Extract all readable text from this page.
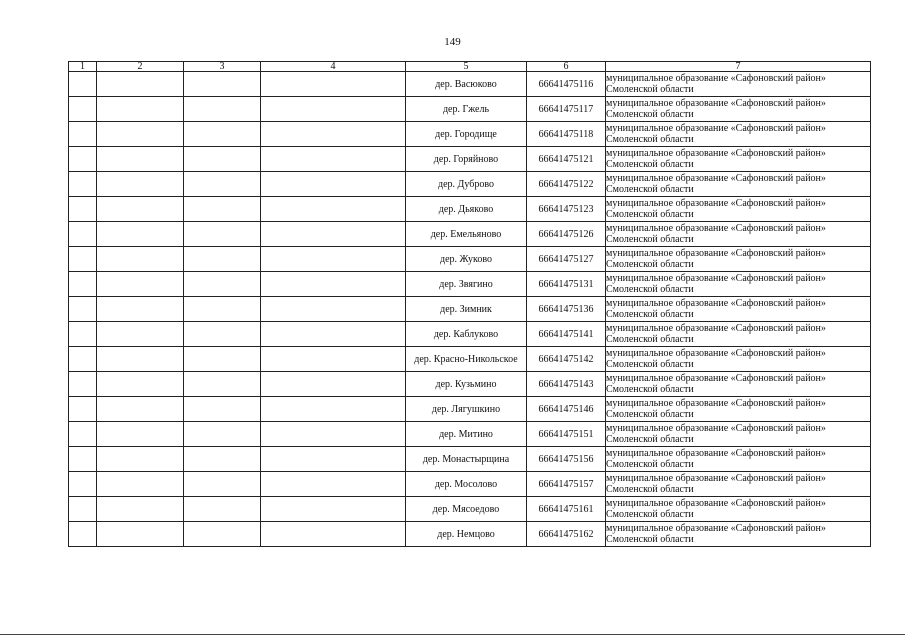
149
1	2	3	4	5	6	7
				дер. Васюково	66641475116	муниципальное образование «Сафоновский район» Смоленской области
				дер. Гжель	66641475117	муниципальное образование «Сафоновский район» Смоленской области
				дер. Городище	66641475118	муниципальное образование «Сафоновский район» Смоленской области
				дер. Горяйново	66641475121	муниципальное образование «Сафоновский район» Смоленской области
				дер. Дуброво	66641475122	муниципальное образование «Сафоновский район» Смоленской области
				дер. Дьяково	66641475123	муниципальное образование «Сафоновский район» Смоленской области
				дер. Емельяново	66641475126	муниципальное образование «Сафоновский район» Смоленской области
				дер. Жуково	66641475127	муниципальное образование «Сафоновский район» Смоленской области
				дер. Звягино	66641475131	муниципальное образование «Сафоновский район» Смоленской области
				дер. Зимник	66641475136	муниципальное образование «Сафоновский район» Смоленской области
				дер. Каблуково	66641475141	муниципальное образование «Сафоновский район» Смоленской области
				дер. Красно-Никольское	66641475142	муниципальное образование «Сафоновский район» Смоленской области
				дер. Кузьмино	66641475143	муниципальное образование «Сафоновский район» Смоленской области
				дер. Лягушкино	66641475146	муниципальное образование «Сафоновский район» Смоленской области
				дер. Митино	66641475151	муниципальное образование «Сафоновский район» Смоленской области
				дер. Монастырщина	66641475156	муниципальное образование «Сафоновский район» Смоленской области
				дер. Мосолово	66641475157	муниципальное образование «Сафоновский район» Смоленской области
				дер. Мясоедово	66641475161	муниципальное образование «Сафоновский район» Смоленской области
				дер. Немцово	66641475162	муниципальное образование «Сафоновский район» Смоленской области
